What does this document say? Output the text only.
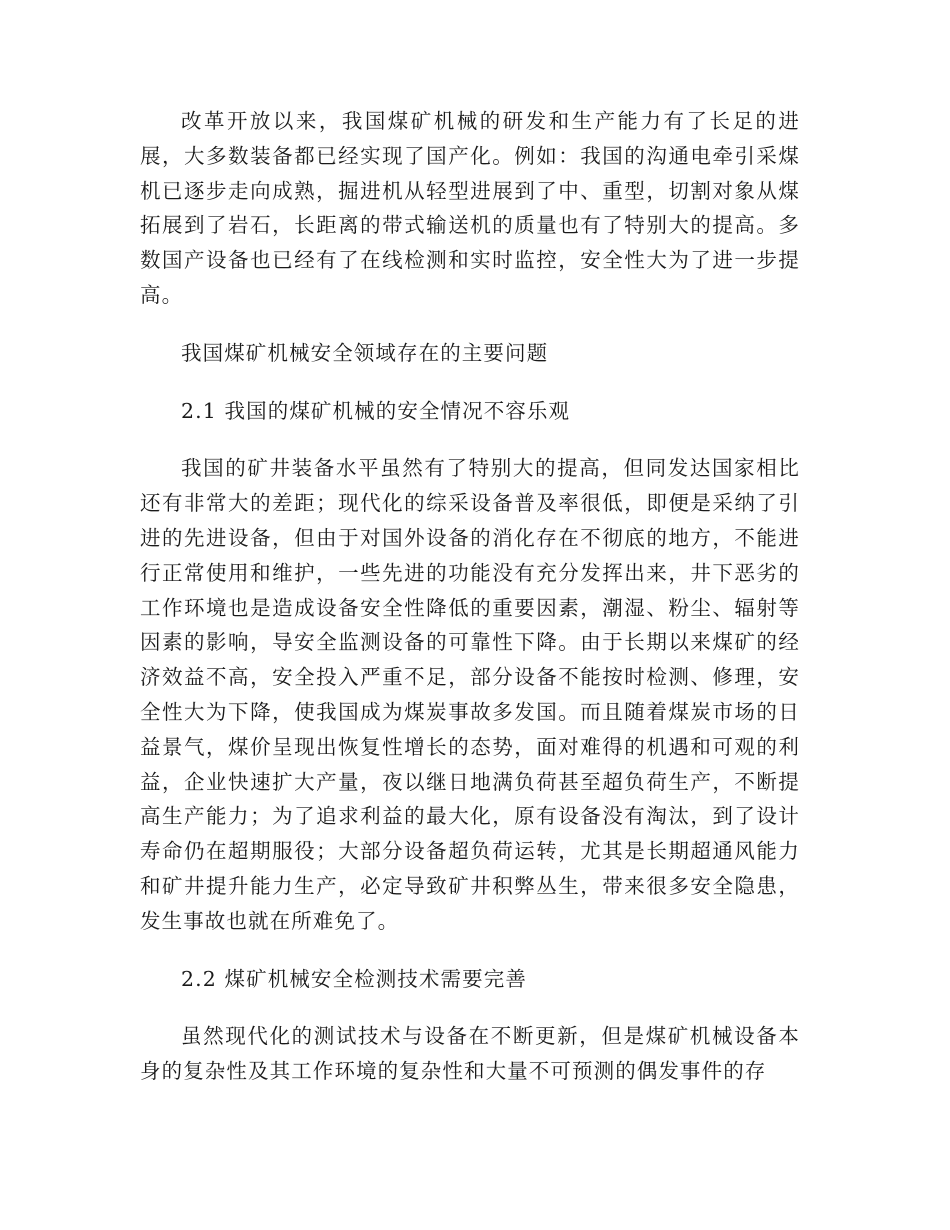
改革开放以来，我国煤矿机械的研发和生产能力有了长足的进展，大多数装备都已经实现了国产化。例如：我国的沟通电牵引采煤机已逐步走向成熟，掘进机从轻型进展到了中、重型，切割对象从煤拓展到了岩石，长距离的带式输送机的质量也有了特别大的提高。多数国产设备也已经有了在线检测和实时监控，安全性大为了进一步提高。

我国煤矿机械安全领域存在的主要问题

2.1 我国的煤矿机械的安全情况不容乐观

我国的矿井装备水平虽然有了特别大的提高，但同发达国家相比还有非常大的差距；现代化的综采设备普及率很低，即便是采纳了引进的先进设备，但由于对国外设备的消化存在不彻底的地方，不能进行正常使用和维护，一些先进的功能没有充分发挥出来，井下恶劣的工作环境也是造成设备安全性降低的重要因素，潮湿、粉尘、辐射等因素的影响，导安全监测设备的可靠性下降。由于长期以来煤矿的经济效益不高，安全投入严重不足，部分设备不能按时检测、修理，安全性大为下降，使我国成为煤炭事故多发国。而且随着煤炭市场的日益景气，煤价呈现出恢复性增长的态势，面对难得的机遇和可观的利益，企业快速扩大产量，夜以继日地满负荷甚至超负荷生产，不断提高生产能力；为了追求利益的最大化，原有设备没有淘汰，到了设计寿命仍在超期服役；大部分设备超负荷运转，尤其是长期超通风能力和矿井提升能力生产，必定导致矿井积弊丛生，带来很多安全隐患，发生事故也就在所难免了。

2.2 煤矿机械安全检测技术需要完善

虽然现代化的测试技术与设备在不断更新，但是煤矿机械设备本身的复杂性及其工作环境的复杂性和大量不可预测的偶发事件的存
